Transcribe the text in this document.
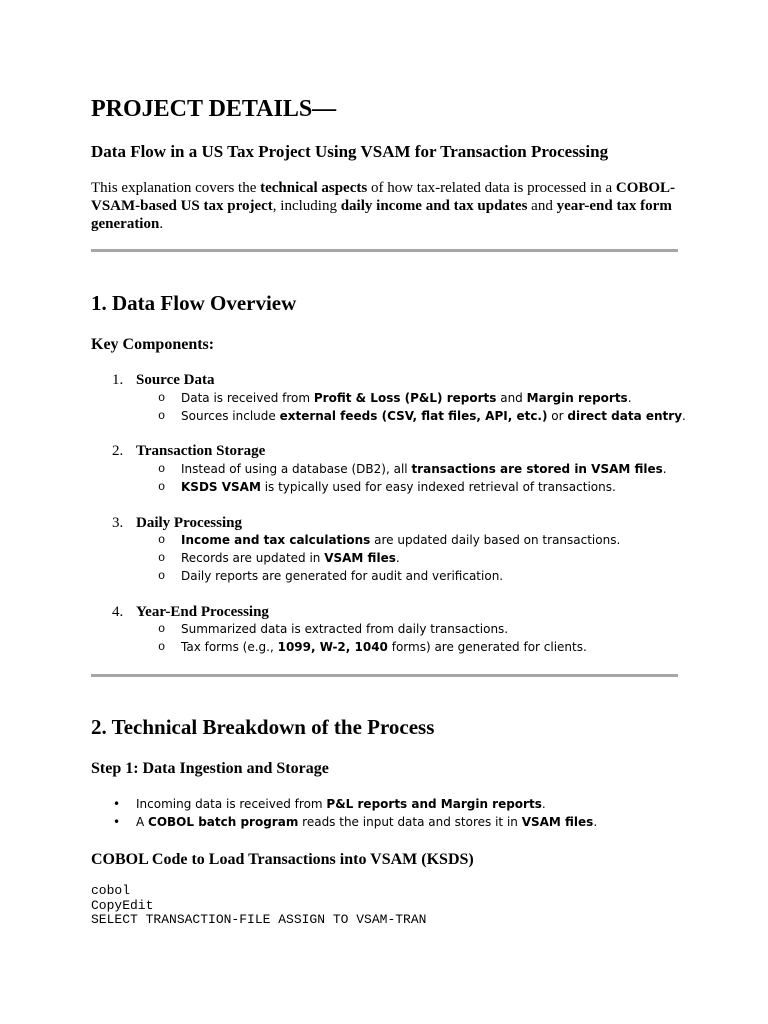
PROJECT DETAILS—
Data Flow in a US Tax Project Using VSAM for Transaction Processing

This explanation covers the technical aspects of how tax-related data is processed in a COBOL-VSAM-based US tax project, including daily income and tax updates and year-end tax form generation.

1. Data Flow Overview
Key Components:
1. Source Data
o Data is received from Profit & Loss (P&L) reports and Margin reports.
o Sources include external feeds (CSV, flat files, API, etc.) or direct data entry.
2. Transaction Storage
o Instead of using a database (DB2), all transactions are stored in VSAM files.
o KSDS VSAM is typically used for easy indexed retrieval of transactions.
3. Daily Processing
o Income and tax calculations are updated daily based on transactions.
o Records are updated in VSAM files.
o Daily reports are generated for audit and verification.
4. Year-End Processing
o Summarized data is extracted from daily transactions.
o Tax forms (e.g., 1099, W-2, 1040 forms) are generated for clients.
2. Technical Breakdown of the Process
Step 1: Data Ingestion and Storage
• Incoming data is received from P&L reports and Margin reports.
• A COBOL batch program reads the input data and stores it in VSAM files.
COBOL Code to Load Transactions into VSAM (KSDS)
cobol
CopyEdit
SELECT TRANSACTION-FILE ASSIGN TO VSAM-TRAN
